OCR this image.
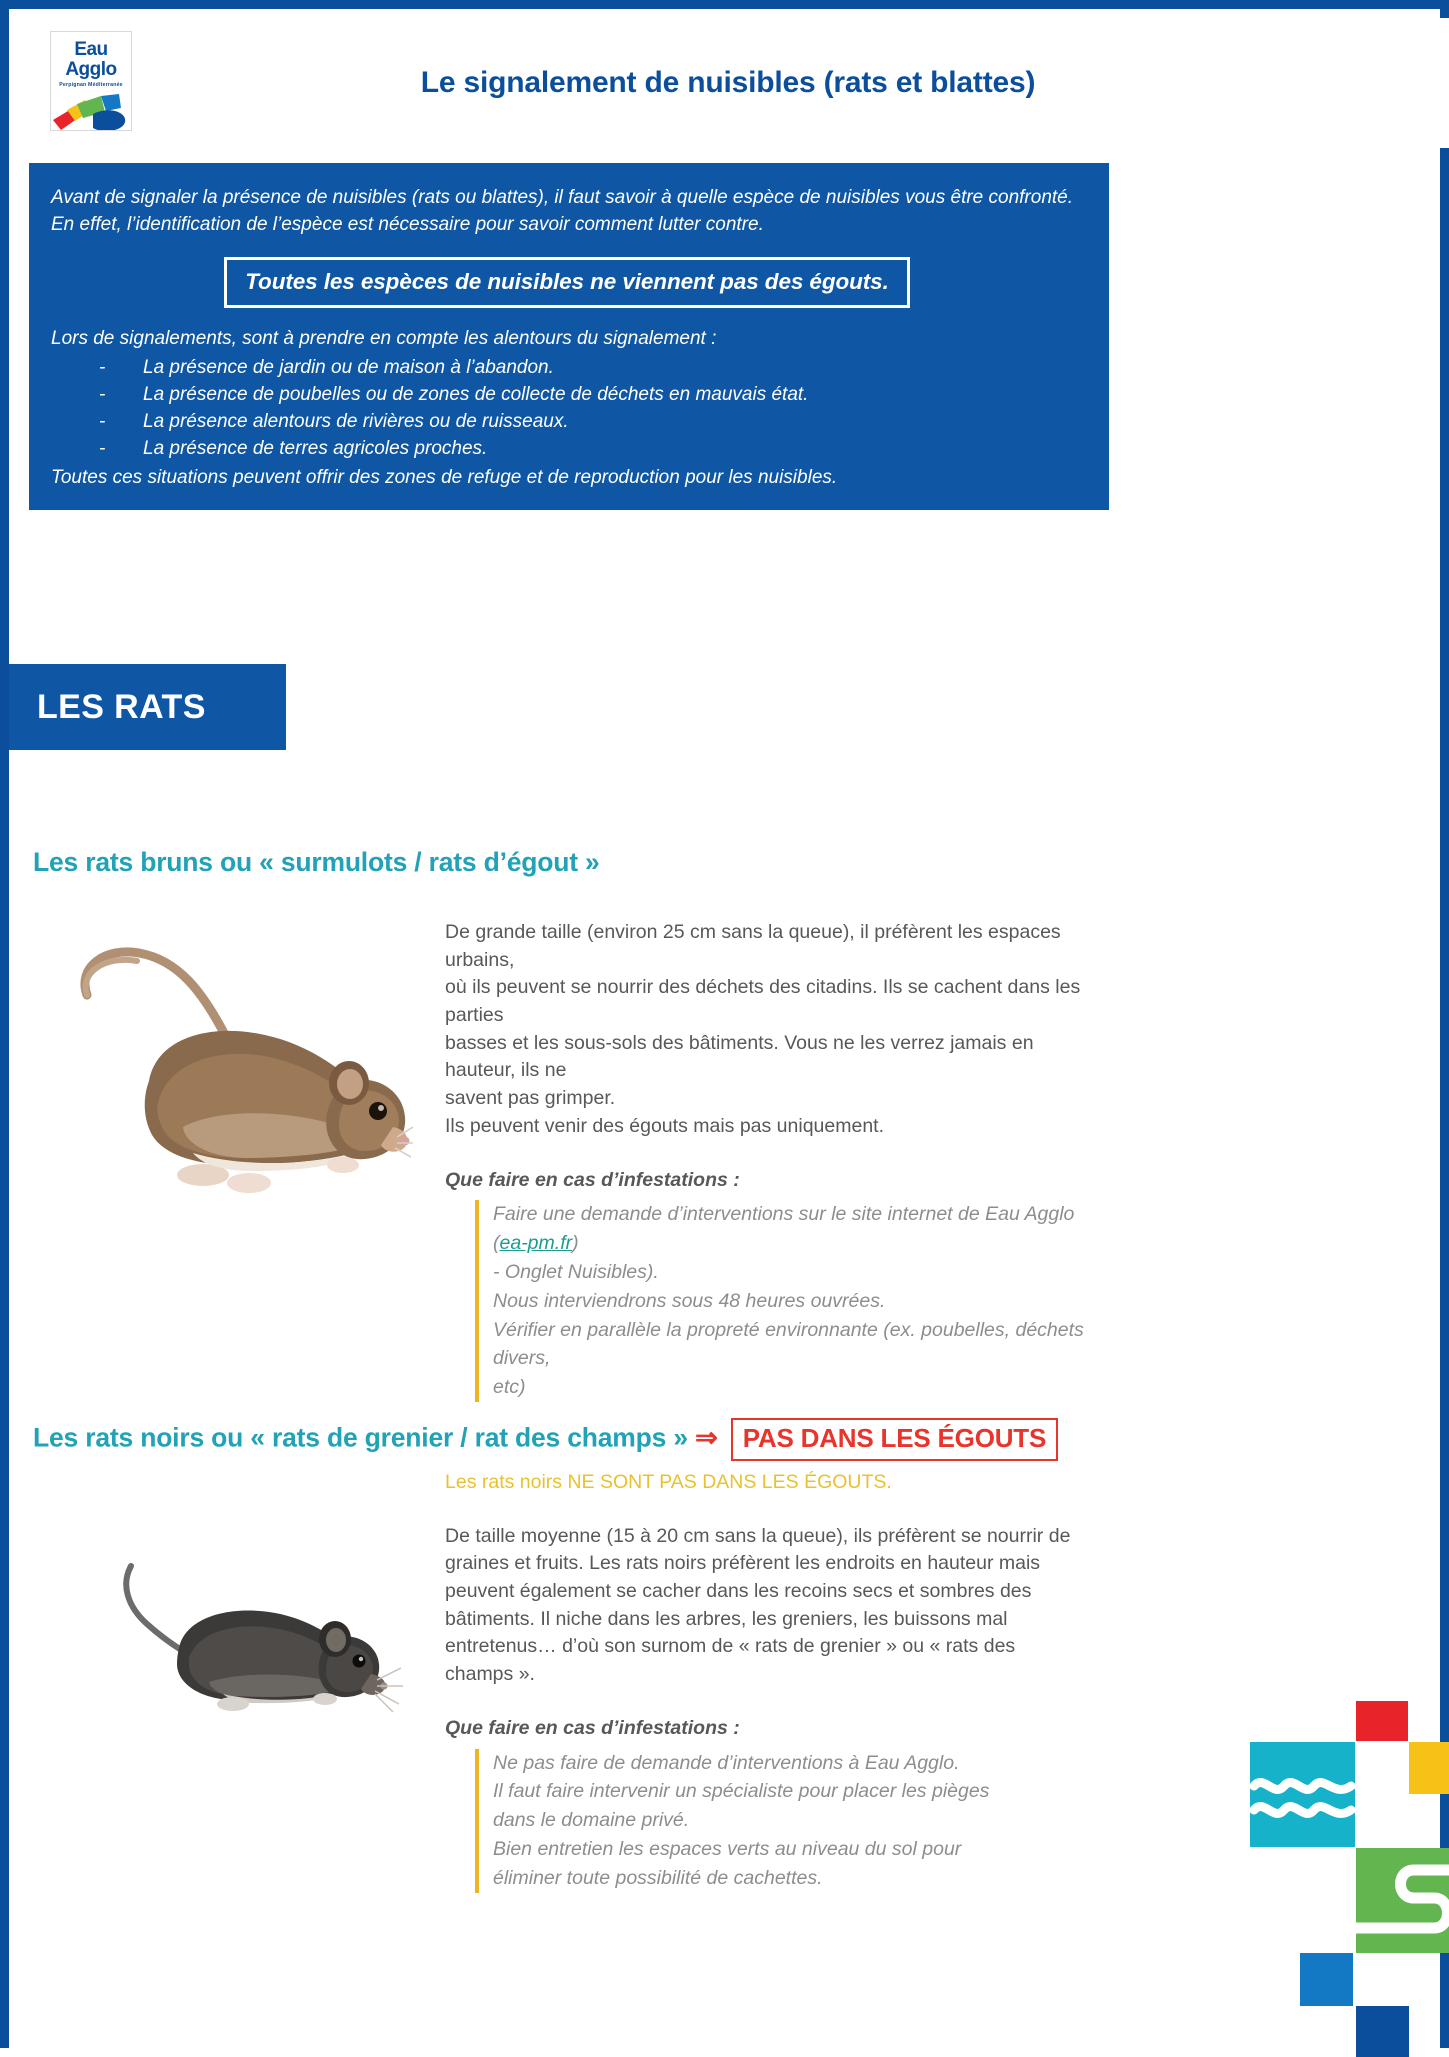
Eau
Agglo
Perpignan Méditerranée	Le signalement de nuisibles (rats et blattes)

Avant de signaler la présence de nuisibles (rats ou blattes), il faut savoir à quelle espèce de nuisibles vous être confronté. En effet, l’identification de l’espèce est nécessaire pour savoir comment lutter contre.

Toutes les espèces de nuisibles ne viennent pas des égouts.

Lors de signalements, sont à prendre en compte les alentours du signalement :

- La présence de jardin ou de maison à l’abandon.
- La présence de poubelles ou de zones de collecte de déchets en mauvais état.
- La présence alentours de rivières ou de ruisseaux.
- La présence de terres agricoles proches.

Toutes ces situations peuvent offrir des zones de refuge et de reproduction pour les nuisibles.

LES RATS
Les rats bruns ou « surmulots / rats d’égout »

De grande taille (environ 25 cm sans la queue), il préfèrent les espaces urbains,
où ils peuvent se nourrir des déchets des citadins. Ils se cachent dans les parties
basses et les sous-sols des bâtiments. Vous ne les verrez jamais en hauteur, ils ne
savent pas grimper.
Ils peuvent venir des égouts mais pas uniquement.

Que faire en cas d’infestations :

Faire une demande d’interventions sur le site internet de Eau Agglo (ea-pm.fr)
- Onglet Nuisibles).
Nous interviendrons sous 48 heures ouvrées.
Vérifier en parallèle la propreté environnante (ex. poubelles, déchets divers,
etc)
Les rats noirs ou « rats de grenier / rat des champs » ⇒ PAS DANS LES ÉGOUTS

Les rats noirs NE SONT PAS DANS LES ÉGOUTS.

De taille moyenne (15 à 20 cm sans la queue), ils préfèrent se nourrir de
graines et fruits. Les rats noirs préfèrent les endroits en hauteur mais
peuvent également se cacher dans les recoins secs et sombres des
bâtiments. Il niche dans les arbres, les greniers, les buissons mal
entretenus… d’où son surnom de « rats de grenier » ou « rats des
champs ».

Que faire en cas d’infestations :

Ne pas faire de demande d’interventions à Eau Agglo.
Il faut faire intervenir un spécialiste pour placer les pièges
dans le domaine privé.
Bien entretien les espaces verts au niveau du sol pour
éliminer toute possibilité de cachettes.
